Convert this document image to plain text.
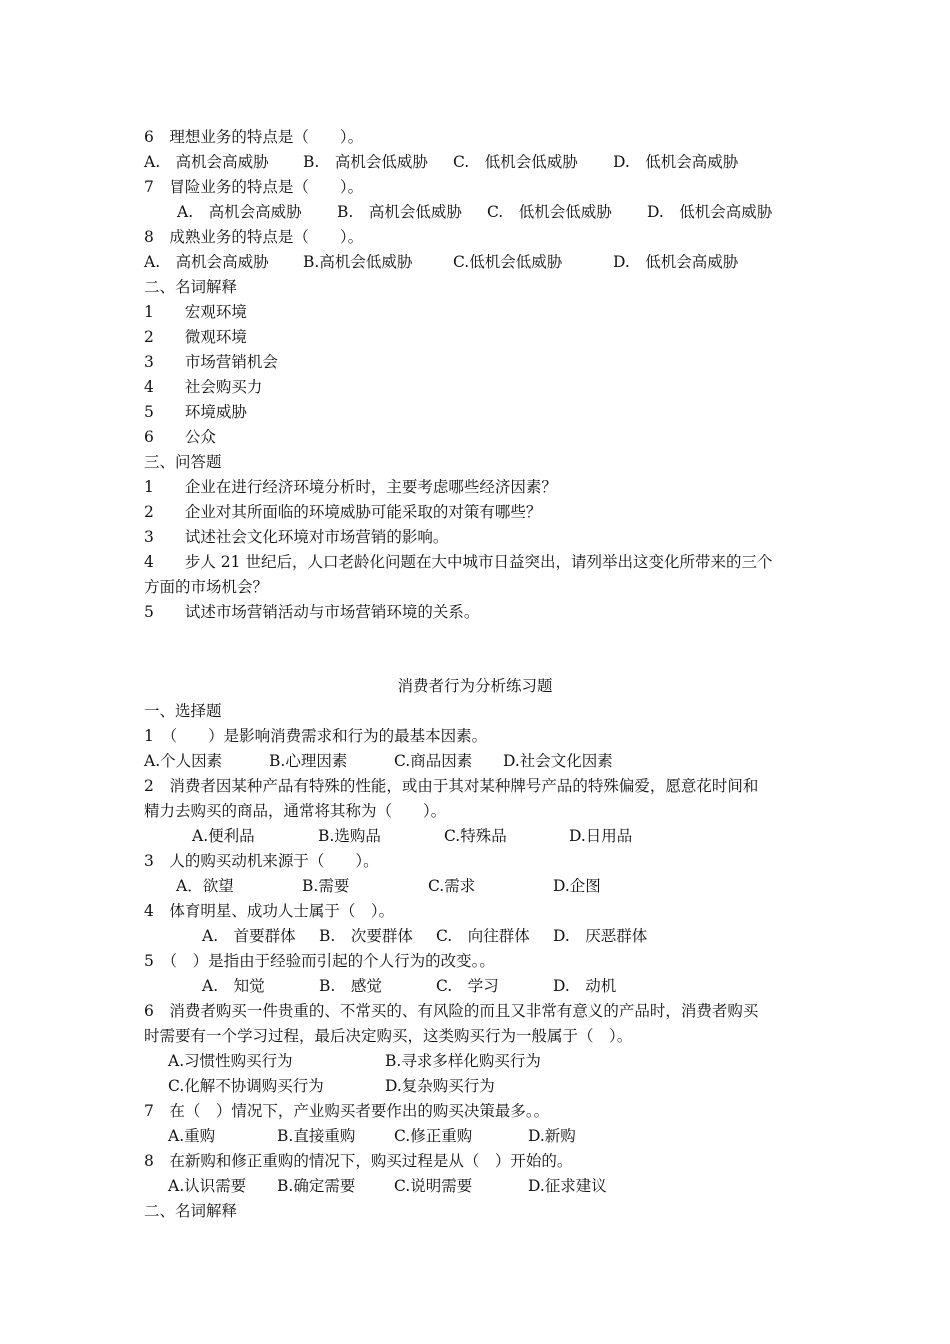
6　理想业务的特点是（　　）。
A.　高机会高威胁 B.　高机会低威胁 C.　低机会低威胁 D.　低机会高威胁
7　冒险业务的特点是（　　）。
A.　高机会高威胁 B.　高机会低威胁 C.　低机会低威胁 D.　低机会高威胁
8　成熟业务的特点是（　　）。
A.　高机会高威胁 B.高机会低威胁	C.低机会低威胁	D.　低机会高威胁
二、名词解释
1　　宏观环境
2　　微观环境
3　　市场营销机会
4　　社会购买力
5　　环境威胁
6　　公众
三、问答题
1　　企业在进行经济环境分析时，主要考虑哪些经济因素？
2　　企业对其所面临的环境威胁可能采取的对策有哪些？
3　　试述社会文化环境对市场营销的影响。
4　　步人 21 世纪后，人口老龄化问题在大中城市日益突出，请列举出这变化所带来的三个
方面的市场机会？
5　　试述市场营销活动与市场营销环境的关系。
消费者行为分析练习题
一、选择题
1　（　　）是影响消费需求和行为的最基本因素。
A.个人因素	B.心理因素	C.商品因素 D.社会文化因素
2　消费者因某种产品有特殊的性能，或由于其对某种牌号产品的特殊偏爱，愿意花时间和
精力去购买的商品，通常将其称为（　　）。
A.便利品	B.选购品	C.特殊品	D.日用品
3　人的购买动机来源于（　　）。
A．欲望	B.需要	C.需求	D.企图
4　体育明星、成功人士属于（　）。
A.　首要群体 B.　次要群体 C.　向往群体 D.　厌恶群体
5　（　）是指由于经验而引起的个人行为的改变。。
A.　知觉	B.　感觉	C.　学习	D.　动机
6　消费者购买一件贵重的、不常买的、有风险的而且又非常有意义的产品时，消费者购买
时需要有一个学习过程，最后决定购买，这类购买行为一般属于（　）。
A.习惯性购买行为	B.寻求多样化购买行为
C.化解不协调购买行为	D.复杂购买行为
7　在（　）情况下，产业购买者要作出的购买决策最多。。
A.重购	B.直接重购 C.修正重购	D.新购
8　在新购和修正重购的情况下，购买过程是从（　）开始的。
A.认识需要 B.确定需要 C.说明需要	D.征求建议
二、名词解释
